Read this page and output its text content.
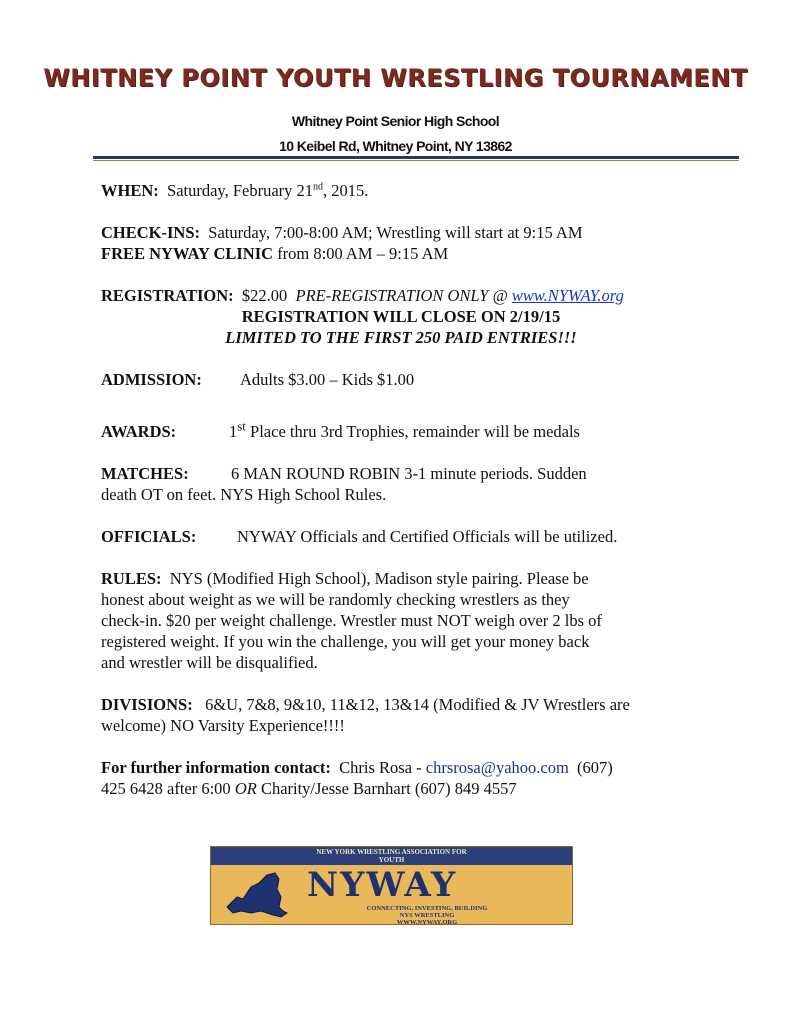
WHITNEY POINT YOUTH WRESTLING TOURNAMENT
Whitney Point Senior High School
10 Keibel Rd, Whitney Point, NY 13862
WHEN: Saturday, February 21nd, 2015.
CHECK-INS: Saturday, 7:00-8:00 AM; Wrestling will start at 9:15 AM
FREE NYWAY CLINIC from 8:00 AM – 9:15 AM
REGISTRATION: $22.00 PRE-REGISTRATION ONLY @ www.NYWAY.org
REGISTRATION WILL CLOSE ON 2/19/15
LIMITED TO THE FIRST 250 PAID ENTRIES!!!
ADMISSION: Adults $3.00 – Kids $1.00
AWARDS:	1st Place thru 3rd Trophies, remainder will be medals
MATCHES:	6 MAN ROUND ROBIN 3-1 minute periods. Sudden
death OT on feet. NYS High School Rules.
OFFICIALS: NYWAY Officials and Certified Officials will be utilized.
RULES: NYS (Modified High School), Madison style pairing. Please be
honest about weight as we will be randomly checking wrestlers as they
check-in. $20 per weight challenge. Wrestler must NOT weigh over 2 lbs of
registered weight. If you win the challenge, you will get your money back
and wrestler will be disqualified.
DIVISIONS: 6&U, 7&8, 9&10, 11&12, 13&14 (Modified & JV Wrestlers are
welcome) NO Varsity Experience!!!!
For further information contact: Chris Rosa - chrsrosa@yahoo.com (607)
425 6428 after 6:00 OR Charity/Jesse Barnhart (607) 849 4557
NEW YORK WRESTLING ASSOCIATION FOR
YOUTH
NYWAY
CONNECTING, INVESTING, BUILDING
NYS WRESTLING
WWW.NYWAY.ORG
